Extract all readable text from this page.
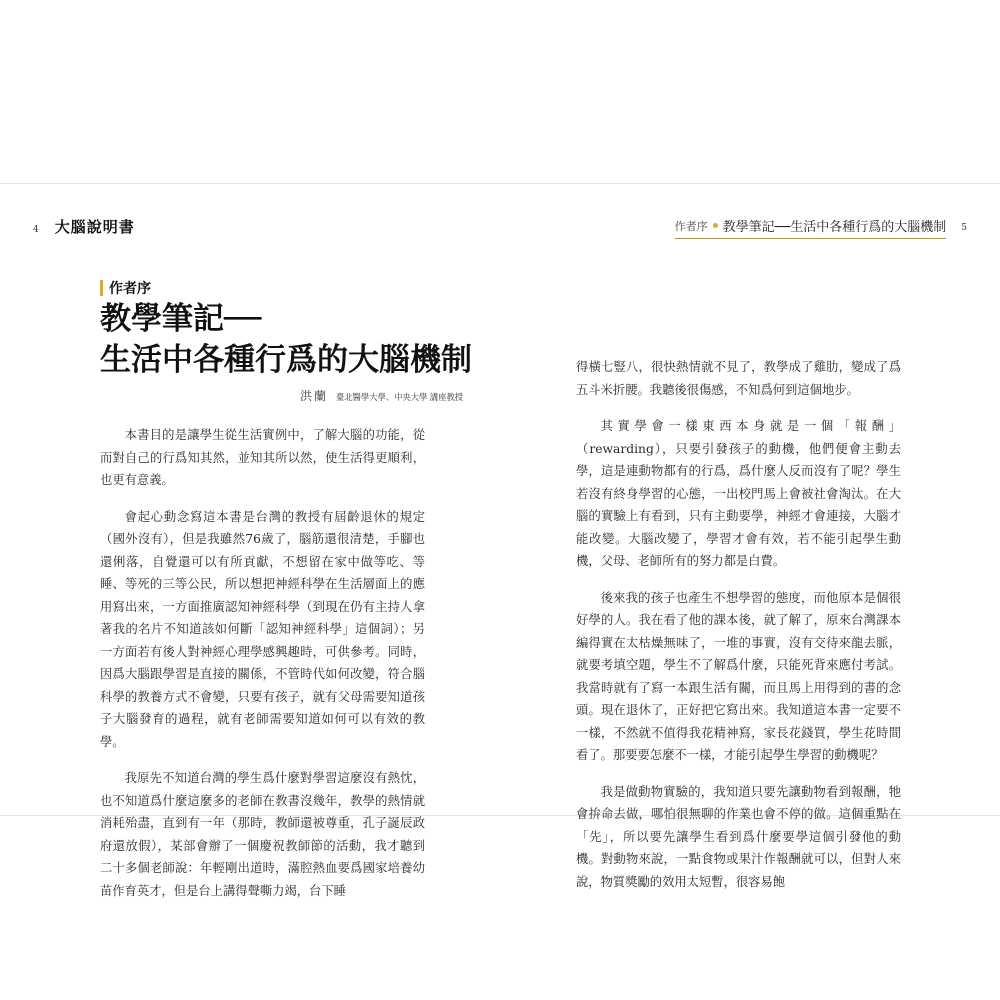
4 大腦說明書	作者序 教學筆記──生活中各種行爲的大腦機制 5
作者序
教學筆記──
生活中各種行爲的大腦機制
洪蘭 臺北醫學大學、中央大學 講座教授

本書目的是讓學生從生活實例中，了解大腦的功能，從而對自己的行爲知其然，並知其所以然，使生活得更順利，也更有意義。

會起心動念寫這本書是台灣的教授有屆齡退休的規定（國外沒有），但是我雖然76歲了，腦筋還很清楚，手腳也還俐落，自覺還可以有所貢獻，不想留在家中做等吃、等睡、等死的三等公民，所以想把神經科學在生活層面上的應用寫出來，一方面推廣認知神經科學（到現在仍有主持人拿著我的名片不知道該如何斷「認知神經科學」這個詞）；另一方面若有後人對神經心理學感興趣時，可供參考。同時，因爲大腦跟學習是直接的關係，不管時代如何改變，符合腦科學的教養方式不會變，只要有孩子，就有父母需要知道孩子大腦發育的過程，就有老師需要知道如何可以有效的教學。

我原先不知道台灣的學生爲什麼對學習這麼沒有熱忱，也不知道爲什麼這麼多的老師在教書沒幾年，教學的熱情就消耗殆盡，直到有一年（那時，教師還被尊重，孔子誕辰政府還放假），某部會辦了一個慶祝教師節的活動，我才聽到二十多個老師說：年輕剛出道時，滿腔熱血要爲國家培養幼苗作育英才，但是台上講得聲嘶力竭，台下睡

得橫七豎八，很快熱情就不見了，教學成了雞肋，變成了爲五斗米折腰。我聽後很傷感，不知爲何到這個地步。

其實學會一樣東西本身就是一個「報酬」（rewarding），只要引發孩子的動機，他們便會主動去學，這是連動物都有的行爲，爲什麼人反而沒有了呢？學生若沒有終身學習的心態，一出校門馬上會被社會淘汰。在大腦的實驗上有看到，只有主動要學，神經才會連接，大腦才能改變。大腦改變了，學習才會有效，若不能引起學生動機，父母、老師所有的努力都是白費。

後來我的孩子也產生不想學習的態度，而他原本是個很好學的人。我在看了他的課本後，就了解了，原來台灣課本編得實在太枯燥無味了，一堆的事實，沒有交待來龍去脈，就要考填空題，學生不了解爲什麼，只能死背來應付考試。我當時就有了寫一本跟生活有關，而且馬上用得到的書的念頭。現在退休了，正好把它寫出來。我知道這本書一定要不一樣，不然就不值得我花精神寫，家長花錢買，學生花時間看了。那要要怎麼不一樣，才能引起學生學習的動機呢？

我是做動物實驗的，我知道只要先讓動物看到報酬，牠會拚命去做，哪怕很無聊的作業也會不停的做。這個重點在「先」，所以要先讓學生看到爲什麼要學這個引發他的動機。對動物來說，一點食物或果汁作報酬就可以，但對人來說，物質獎勵的效用太短暫，很容易飽
